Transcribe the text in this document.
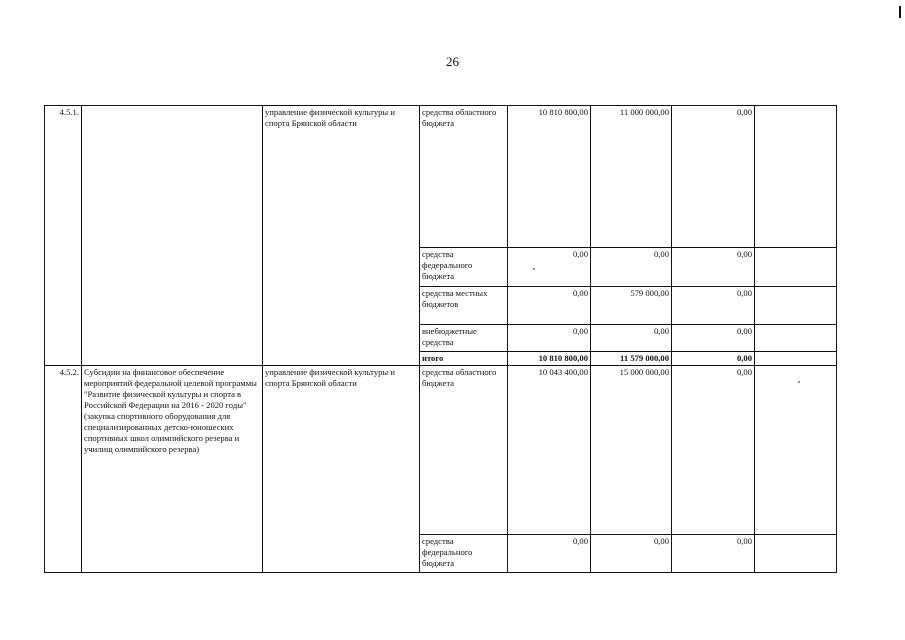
26
4.5.1.		управление физической культуры и спорта Брянской области	средства областного бюджета	10 810 800,00	11 000 000,00	0,00	
			средства федерального бюджета	0,00	0,00	0,00	
			средства местных бюджетов	0,00	579 000,00	0,00	
			внебюджетные средства	0,00	0,00	0,00	
			итого	10 810 800,00	11 579 000,00	0,00	
4.5.2.	Субсидии на финансовое обеспечение мероприятий федеральной целевой программы "Развитие физической культуры и спорта в Российской Федерации на 2016 - 2020 годы" (закупка спортивного оборудования для специализированных детско-юношеских спортивных школ олимпийского резерва и училищ олимпийского резерва)	управление физической культуры и спорта Брянской области	средства областного бюджета	10 043 400,00	15 000 000,00	0,00	
			средства федерального бюджета	0,00	0,00	0,00	
